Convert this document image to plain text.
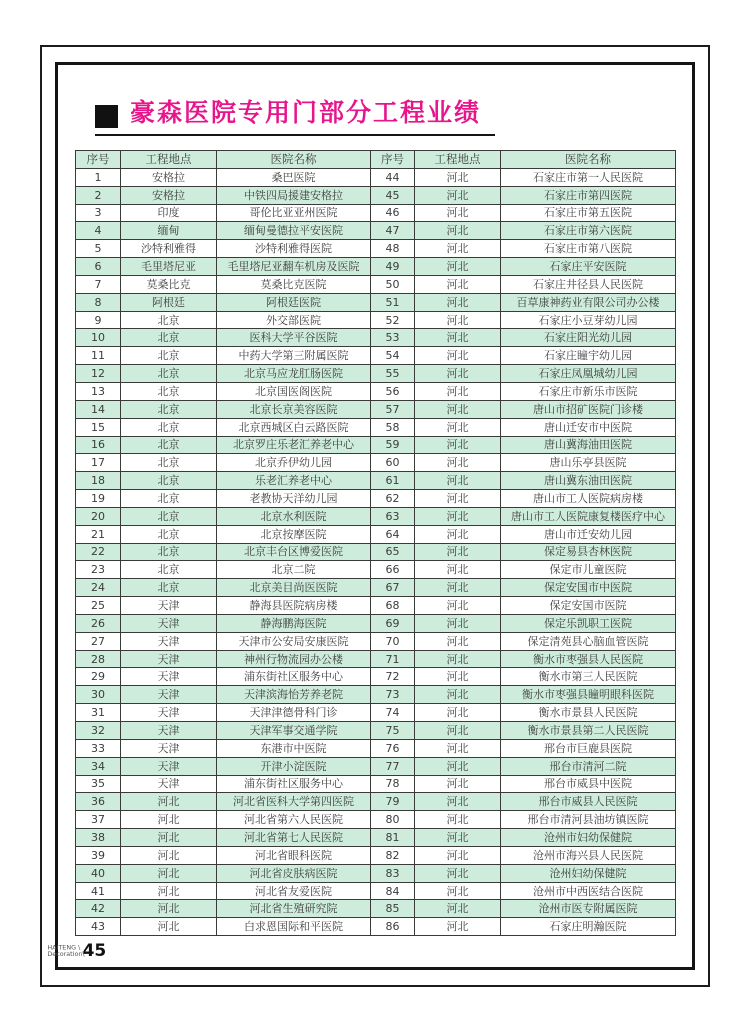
豪森医院专用门部分工程业绩
序号	工程地点	医院名称
1	安格拉	桑巴医院
2	安格拉	中铁四局援建安格拉
3	印度	哥伦比亚亚州医院
4	缅甸	缅甸曼德拉平安医院
5	沙特利雅得	沙特利雅得医院
6	毛里塔尼亚	毛里塔尼亚翻车机房及医院
7	莫桑比克	莫桑比克医院
8	阿根廷	阿根廷医院
9	北京	外交部医院
10	北京	医科大学平谷医院
11	北京	中药大学第三附属医院
12	北京	北京马应龙肛肠医院
13	北京	北京国医阁医院
14	北京	北京长京美容医院
15	北京	北京西城区白云路医院
16	北京	北京罗庄乐老汇养老中心
17	北京	北京乔伊幼儿园
18	北京	乐老汇养老中心
19	北京	老教协天洋幼儿园
20	北京	北京水利医院
21	北京	北京按摩医院
22	北京	北京丰台区博爱医院
23	北京	北京二院
24	北京	北京美目尚医医院
25	天津	静海县医院病房楼
26	天津	静海鹏海医院
27	天津	天津市公安局安康医院
28	天津	神州行物流园办公楼
29	天津	浦东街社区服务中心
30	天津	天津滨海怡芳养老院
31	天津	天津津德骨科门诊
32	天津	天津军事交通学院
33	天津	东港市中医院
34	天津	开津小淀医院
35	天津	浦东街社区服务中心
36	河北	河北省医科大学第四医院
37	河北	河北省第六人民医院
38	河北	河北省第七人民医院
39	河北	河北省眼科医院
40	河北	河北省皮肤病医院
41	河北	河北省友爱医院
42	河北	河北省生殖研究院
43	河北	白求恩国际和平医院
序号	工程地点	医院名称
44	河北	石家庄市第一人民医院
45	河北	石家庄市第四医院
46	河北	石家庄市第五医院
47	河北	石家庄市第六医院
48	河北	石家庄市第八医院
49	河北	石家庄平安医院
50	河北	石家庄井径县人民医院
51	河北	百草康神药业有限公司办公楼
52	河北	石家庄小豆芽幼儿园
53	河北	石家庄阳光幼儿园
54	河北	石家庄瞳宇幼儿园
55	河北	石家庄凤凰城幼儿园
56	河北	石家庄市新乐市医院
57	河北	唐山市招矿医院门诊楼
58	河北	唐山迁安市中医院
59	河北	唐山冀海油田医院
60	河北	唐山乐亭县医院
61	河北	唐山冀东油田医院
62	河北	唐山市工人医院病房楼
63	河北	唐山市工人医院康复楼医疗中心
64	河北	唐山市迁安幼儿园
65	河北	保定易县杏林医院
66	河北	保定市儿童医院
67	河北	保定安国市中医院
68	河北	保定安国市医院
69	河北	保定乐凯职工医院
70	河北	保定清苑县心脑血管医院
71	河北	衡水市枣强县人民医院
72	河北	衡水市第三人民医院
73	河北	衡水市枣强县瞳明眼科医院
74	河北	衡水市景县人民医院
75	河北	衡水市景县第二人民医院
76	河北	邢台市巨鹿县医院
77	河北	邢台市清河二院
78	河北	邢台市威县中医院
79	河北	邢台市威县人民医院
80	河北	邢台市清河县油坊镇医院
81	河北	沧州市妇幼保健院
82	河北	沧州市海兴县人民医院
83	河北	沧州妇幼保健院
84	河北	沧州市中西医结合医院
85	河北	沧州市医专附属医院
86	河北	石家庄明瀚医院
HAITENG \
Decoration\
45
